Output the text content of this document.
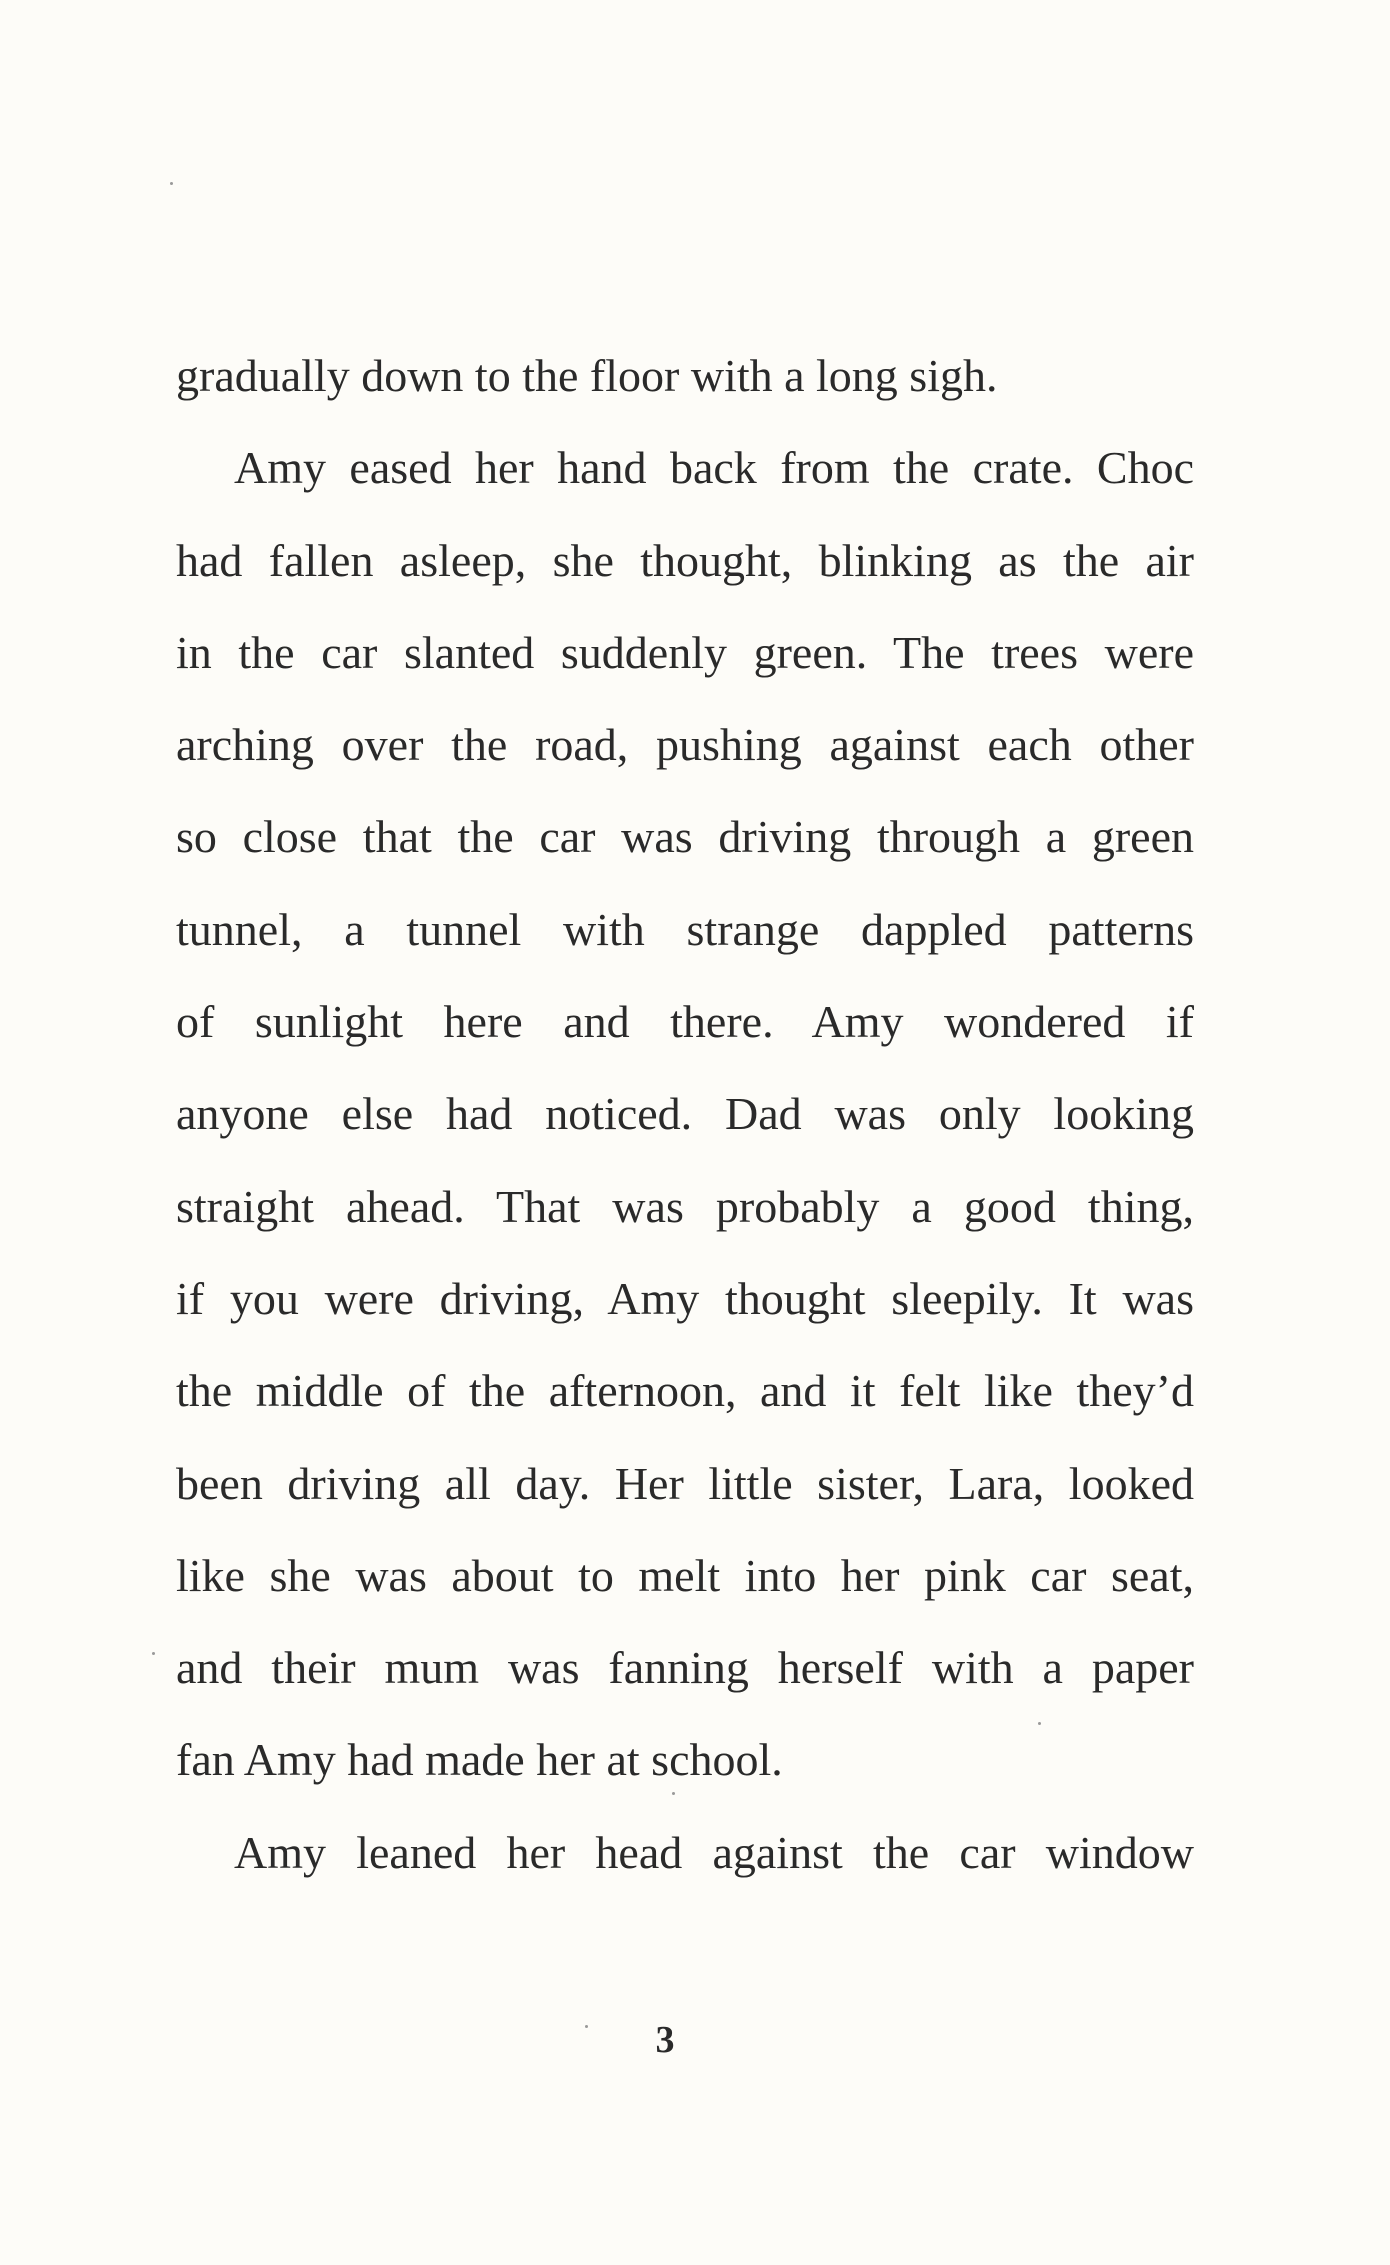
gradually down to the floor with a long sigh.
Amy eased her hand back from the crate. Choc
had fallen asleep, she thought, blinking as the air
in the car slanted suddenly green. The trees were
arching over the road, pushing against each other
so close that the car was driving through a green
tunnel, a tunnel with strange dappled patterns
of sunlight here and there. Amy wondered if
anyone else had noticed. Dad was only looking
straight ahead. That was probably a good thing,
if you were driving, Amy thought sleepily. It was
the middle of the afternoon, and it felt like they’d
been driving all day. Her little sister, Lara, looked
like she was about to melt into her pink car seat,
and their mum was fanning herself with a paper
fan Amy had made her at school.
Amy leaned her head against the car window
3
